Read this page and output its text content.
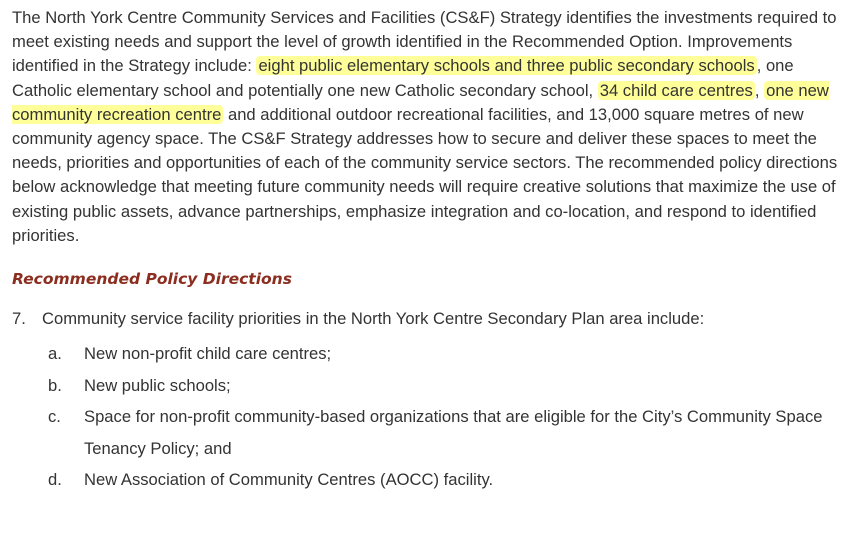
The North York Centre Community Services and Facilities (CS&F) Strategy identifies the investments required to meet existing needs and support the level of growth identified in the Recommended Option. Improvements identified in the Strategy include: eight public elementary schools and three public secondary schools , one Catholic elementary school and potentially one new Catholic secondary school, 34 child care centres , one new community recreation centre and additional outdoor recreational facilities, and 13,000 square metres of new community agency space. The CS&F Strategy addresses how to secure and deliver these spaces to meet the needs, priorities and opportunities of each of the community service sectors. The recommended policy directions below acknowledge that meeting future community needs will require creative solutions that maximize the use of existing public assets, advance partnerships, emphasize integration and co-location, and respond to identified priorities.

Recommended Policy Directions
7. Community service facility priorities in the North York Centre Secondary Plan area include:
a.	New non-profit child care centres;
b.	New public schools;
c.	Space for non-profit community-based organizations that are eligible for the City’s Community Space Tenancy Policy; and
d.	New Association of Community Centres (AOCC) facility.
